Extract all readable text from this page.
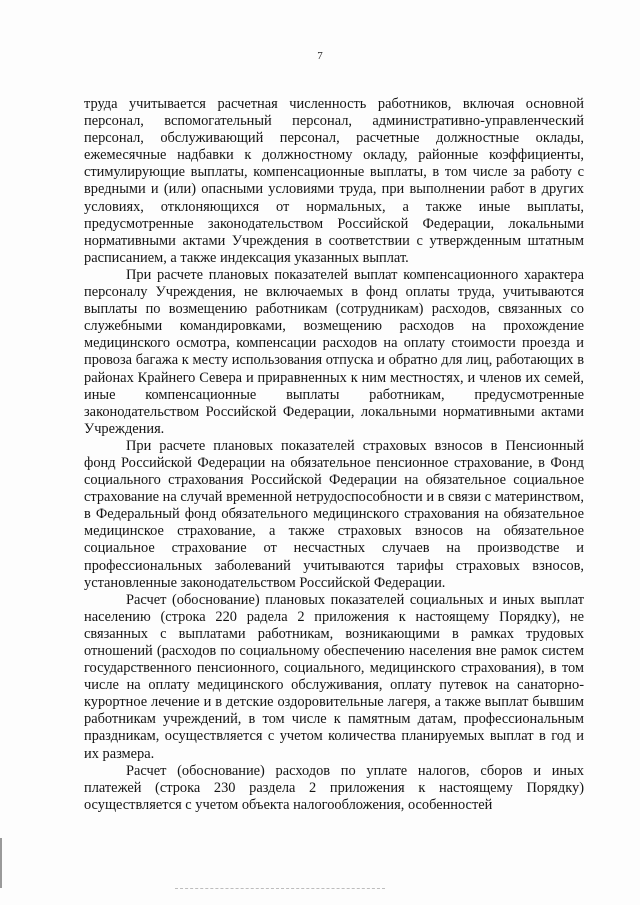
7

труда учитывается расчетная численность работников, включая основной персонал, вспомогательный персонал, административно-управленческий персонал, обслуживающий персонал, расчетные должностные оклады, ежемесячные надбавки к должностному окладу, районные коэффициенты, стимулирующие выплаты, компенсационные выплаты, в том числе за работу с вредными и (или) опасными условиями труда, при выполнении работ в других условиях, отклоняющихся от нормальных, а также иные выплаты, предусмотренные законодательством Российской Федерации, локальными нормативными актами Учреждения в соответствии с утвержденным штатным расписанием, а также индексация указанных выплат.

При расчете плановых показателей выплат компенсационного характера персоналу Учреждения, не включаемых в фонд оплаты труда, учитываются выплаты по возмещению работникам (сотрудникам) расходов, связанных со служебными командировками, возмещению расходов на прохождение медицинского осмотра, компенсации расходов на оплату стоимости проезда и провоза багажа к месту использования отпуска и обратно для лиц, работающих в районах Крайнего Севера и приравненных к ним местностях, и членов их семей, иные компенсационные выплаты работникам, предусмотренные законодательством Российской Федерации, локальными нормативными актами Учреждения.

При расчете плановых показателей страховых взносов в Пенсионный фонд Российской Федерации на обязательное пенсионное страхование, в Фонд социального страхования Российской Федерации на обязательное социальное страхование на случай временной нетрудоспособности и в связи с материнством, в Федеральный фонд обязательного медицинского страхования на обязательное медицинское страхование, а также страховых взносов на обязательное социальное страхование от несчастных случаев на производстве и профессиональных заболеваний учитываются тарифы страховых взносов, установленные законодательством Российской Федерации.

Расчет (обоснование) плановых показателей социальных и иных выплат населению (строка 220 радела 2 приложения к настоящему Порядку), не связанных с выплатами работникам, возникающими в рамках трудовых отношений (расходов по социальному обеспечению населения вне рамок систем государственного пенсионного, социального, медицинского страхования), в том числе на оплату медицинского обслуживания, оплату путевок на санаторно-курортное лечение и в детские оздоровительные лагеря, а также выплат бывшим работникам учреждений, в том числе к памятным датам, профессиональным праздникам, осуществляется с учетом количества планируемых выплат в год и их размера.

Расчет (обоснование) расходов по уплате налогов, сборов и иных платежей (строка 230 раздела 2 приложения к настоящему Порядку) осуществляется с учетом объекта налогообложения, особенностей
